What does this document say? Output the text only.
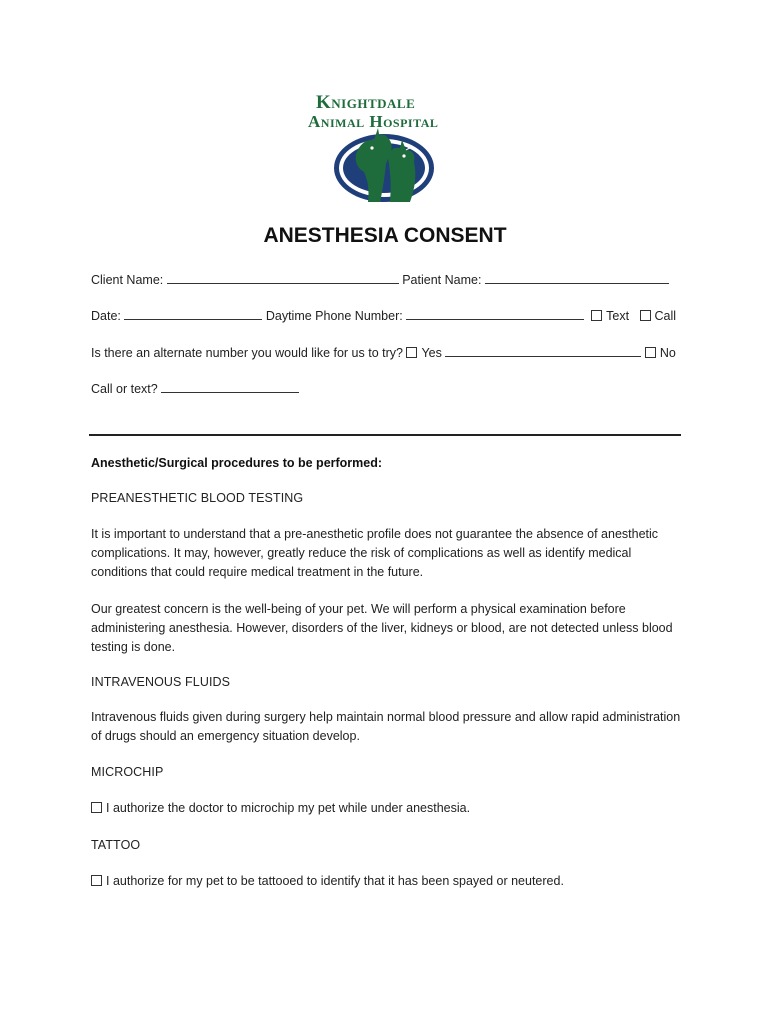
Knightdale
Animal Hospital
ANESTHESIA CONSENT
Client Name:	Patient Name:
Date:	Daytime Phone Number:	Text Call
Is there an alternate number you would like for us to try? Yes	No
Call or text?
Anesthetic/Surgical procedures to be performed:
PREANESTHETIC BLOOD TESTING
It is important to understand that a pre-anesthetic profile does not guarantee the absence of anesthetic complications. It may, however, greatly reduce the risk of complications as well as identify medical conditions that could require medical treatment in the future.
Our greatest concern is the well-being of your pet. We will perform a physical examination before administering anesthesia. However, disorders of the liver, kidneys or blood, are not detected unless blood testing is done.
INTRAVENOUS FLUIDS
Intravenous fluids given during surgery help maintain normal blood pressure and allow rapid administration of drugs should an emergency situation develop.
MICROCHIP
I authorize the doctor to microchip my pet while under anesthesia.
TATTOO
I authorize for my pet to be tattooed to identify that it has been spayed or neutered.
